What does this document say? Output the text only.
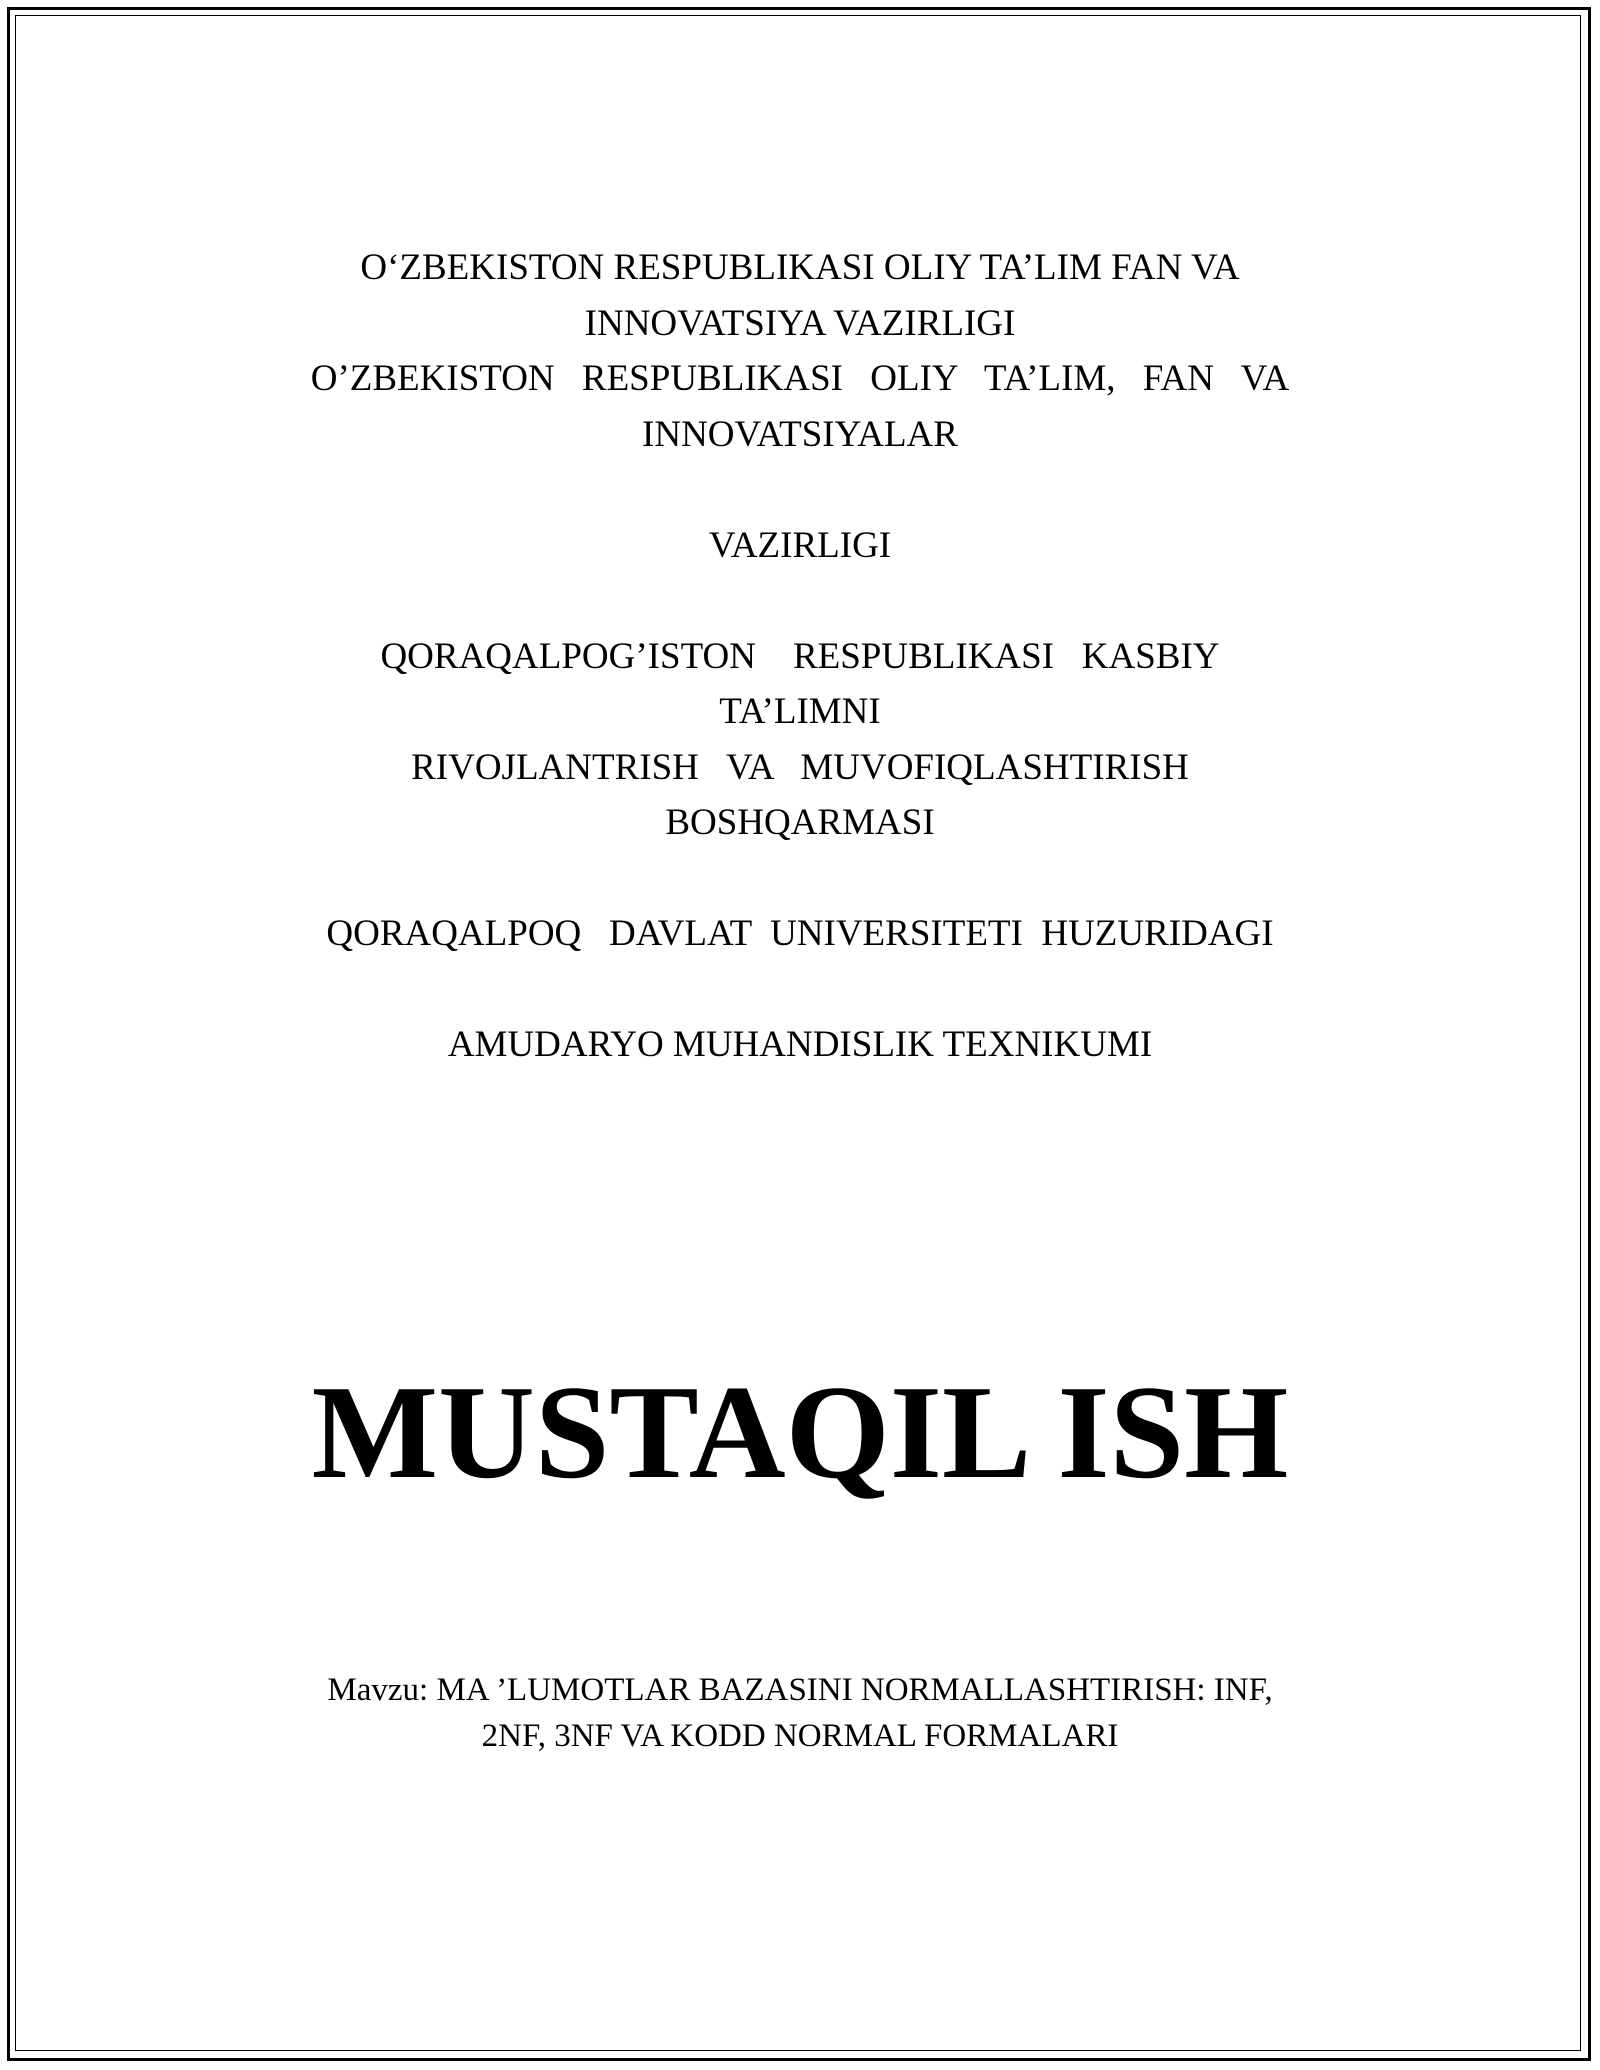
O‘ZBEKISTON RESPUBLIKASI OLIY TA’LIM FAN VA
INNOVATSIYA VAZIRLIGI
O’ZBEKISTON RESPUBLIKASI OLIY TA’LIM, FAN VA
INNOVATSIYALAR
VAZIRLIGI
QORAQALPOG’ISTON    RESPUBLIKASI   KASBIY
TA’LIMNI
RIVOJLANTRISH   VA   MUVOFIQLASHTIRISH
BOSHQARMASI
QORAQALPOQ   DAVLAT  UNIVERSITETI  HUZURIDAGI
AMUDARYO MUHANDISLIK TEXNIKUMI
MUSTAQIL ISH
Mavzu: MA ’LUMOTLAR BAZASINI NORMALLASHTIRISH: INF,
2NF, 3NF VA KODD NORMAL FORMALARI
